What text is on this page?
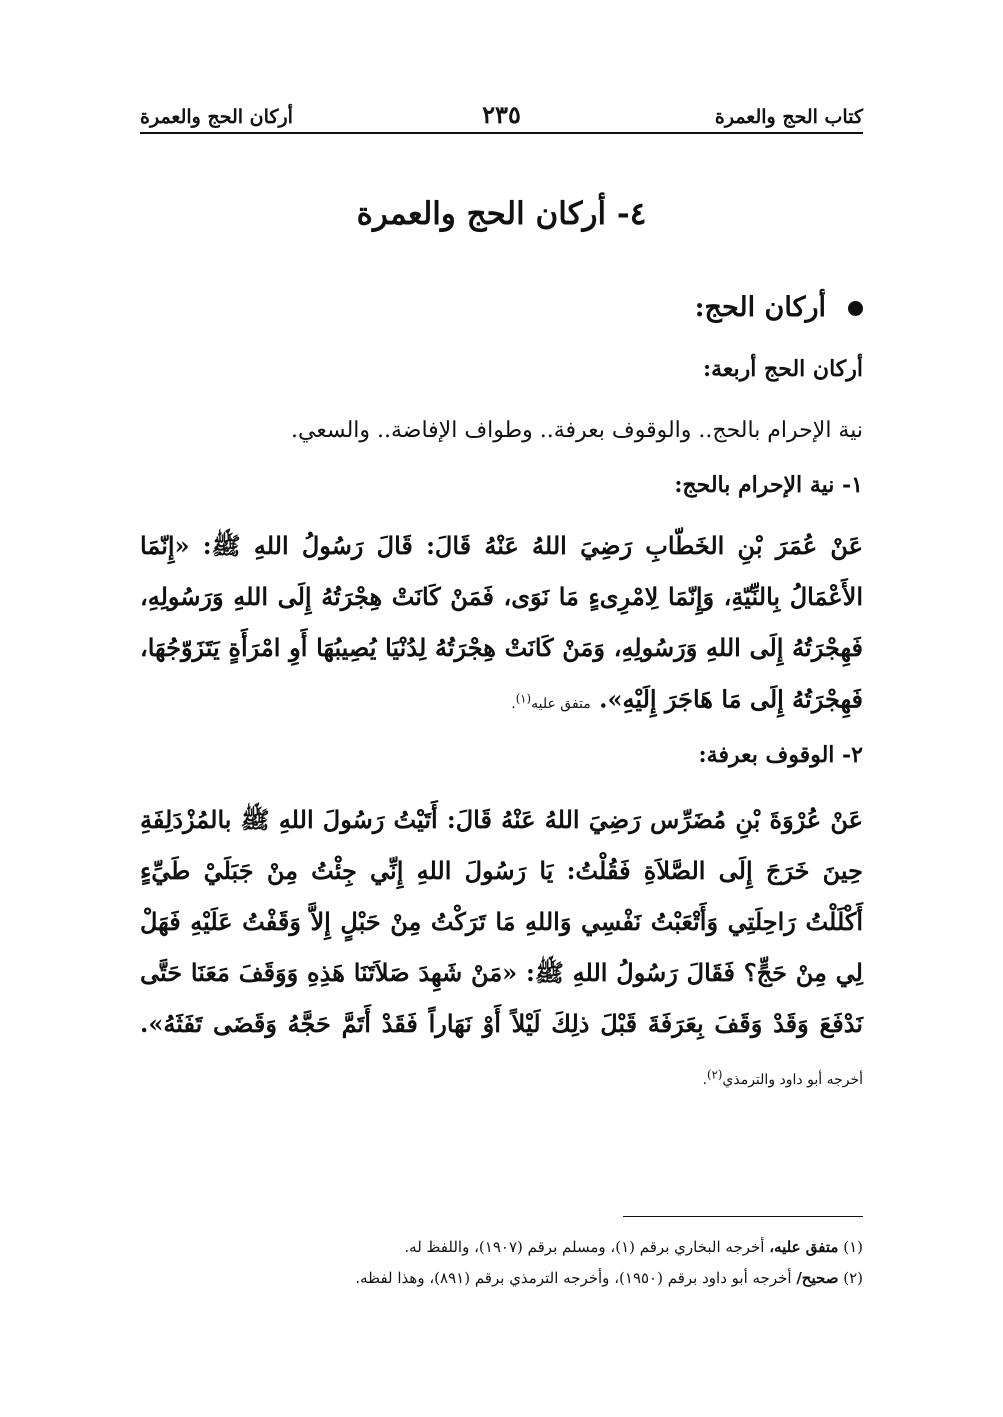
كتاب الحج والعمرة
٢٣٥
أركان الحج والعمرة
٤- أركان الحج والعمرة
أركان الحج:
أركان الحج أربعة:
نية الإحرام بالحج.. والوقوف بعرفة.. وطواف الإفاضة.. والسعي.
١- نية الإحرام بالحج:
عَنْ عُمَرَ بْنِ الخَطّابِ رَضِيَ اللهُ عَنْهُ قَالَ: قَالَ رَسُولُ اللهِ ﷺ: «إِنّمَا الأَعْمَالُ بِالنِّيّةِ، وَإِنّمَا لِامْرِىءٍ مَا نَوَى، فَمَنْ كَانَتْ هِجْرَتُهُ إِلَى اللهِ وَرَسُولِهِ، فَهِجْرَتُهُ إِلَى اللهِ وَرَسُولِهِ، وَمَنْ كَانَتْ هِجْرَتُهُ لِدُنْيَا يُصِيبُهَا أَوِ امْرَأَةٍ يَتَزَوّجُهَا، فَهِجْرَتُهُ إِلَى مَا هَاجَرَ إِلَيْهِ». متفق عليه$^{(١)}$.
٢- الوقوف بعرفة:
عَنْ عُرْوَةَ بْنِ مُضَرِّس رَضِيَ اللهُ عَنْهُ قَالَ: أَتَيْتُ رَسُولَ اللهِ ﷺ بالمُزْدَلِفَةِ حِينَ خَرَجَ إِلَى الصَّلاَةِ فَقُلْتُ: يَا رَسُولَ اللهِ إِنِّي جِئْتُ مِنْ جَبَلَيْ طَيِّءٍ أَكْلَلْتُ رَاحِلَتِي وَأَتْعَبْتُ نَفْسِي وَاللهِ مَا تَرَكْتُ مِنْ حَبْلٍ إِلاَّ وَقَفْتُ عَلَيْهِ فَهَلْ لِي مِنْ حَجٍّ؟ فَقَالَ رَسُولُ اللهِ ﷺ: «مَنْ شَهِدَ صَلاَتَنَا هَذِهِ وَوَقَفَ مَعَنَا حَتَّى نَدْفَعَ وَقَدْ وَقَفَ بِعَرَفَةَ قَبْلَ ذلِكَ لَيْلاً أَوْ نَهَاراً فَقَدْ أَتَمَّ حَجَّهُ وَقَضَى تَفَثَهُ». أخرجه أبو داود والترمذي$^{(٢)}$.
(١) متفق عليه، أخرجه البخاري برقم (١)، ومسلم برقم (١٩٠٧)، واللفظ له.
(٢) صحيح/ أخرجه أبو داود برقم (١٩٥٠)، وأخرجه الترمذي برقم (٨٩١)، وهذا لفظه.
